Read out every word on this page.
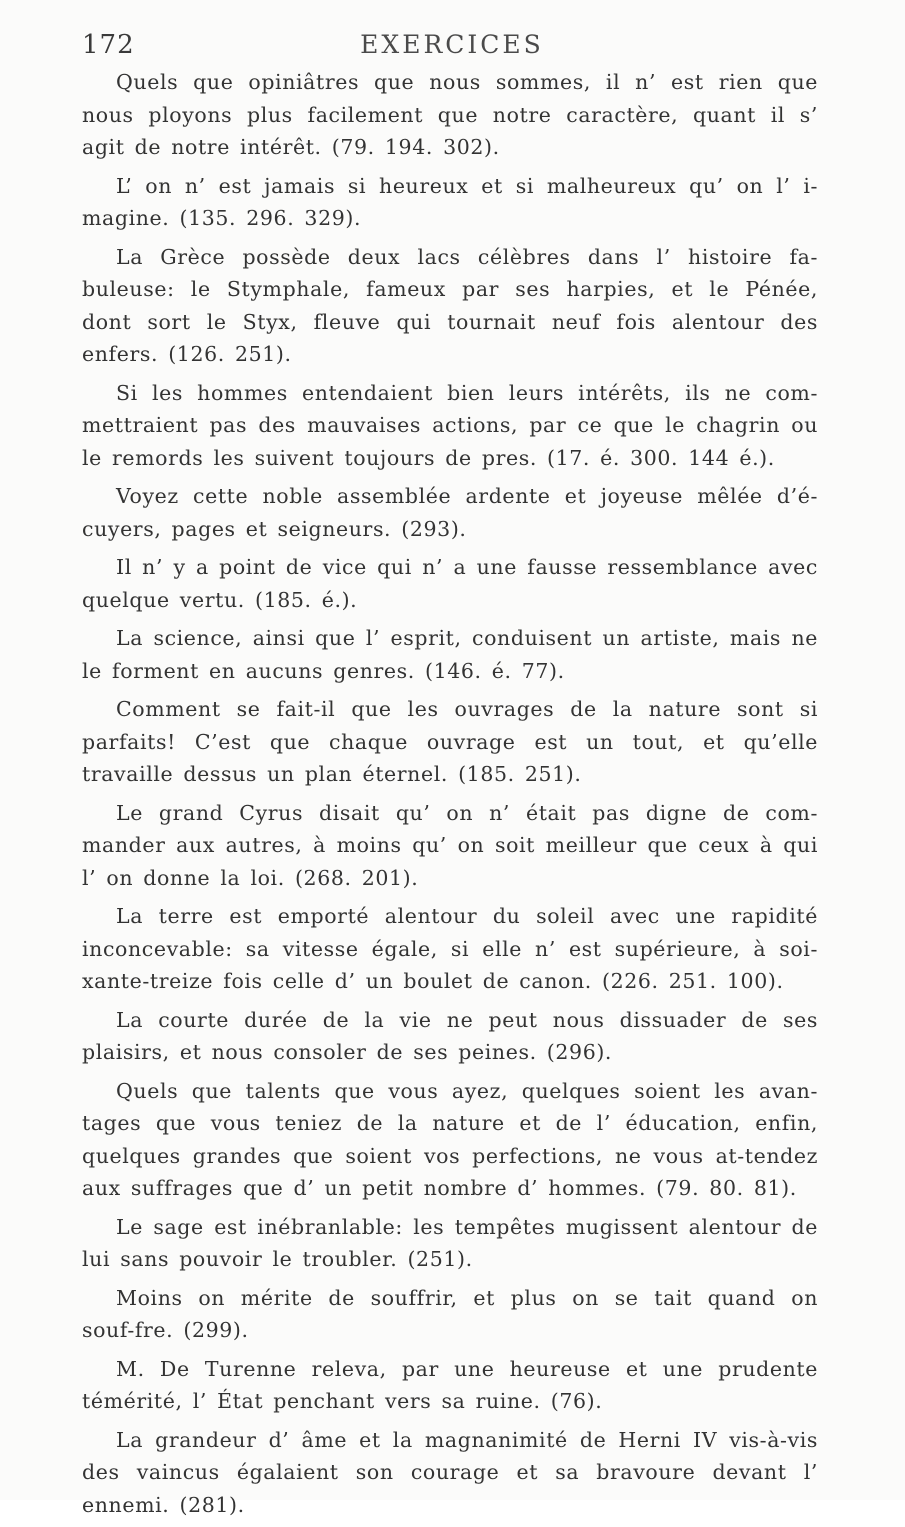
172	EXERCICES

Quels que opiniâtres que nous sommes, il n’ est rien que nous ployons plus facilement que notre caractère, quant il s’ agit de notre intérêt. (79. 194. 302).

L’ on n’ est jamais si heureux et si malheureux qu’ on l’ i-magine. (135. 296. 329).

La Grèce possède deux lacs célèbres dans l’ histoire fa-buleuse: le Stymphale, fameux par ses harpies, et le Pénée, dont sort le Styx, fleuve qui tournait neuf fois alentour des enfers. (126. 251).

Si les hommes entendaient bien leurs intérêts, ils ne com-mettraient pas des mauvaises actions, par ce que le chagrin ou le remords les suivent toujours de pres. (17. é. 300. 144 é.).

Voyez cette noble assemblée ardente et joyeuse mêlée d’é-cuyers, pages et seigneurs. (293).

Il n’ y a point de vice qui n’ a une fausse ressemblance avec quelque vertu. (185. é.).

La science, ainsi que l’ esprit, conduisent un artiste, mais ne le forment en aucuns genres. (146. é. 77).

Comment se fait-il que les ouvrages de la nature sont si parfaits! C’est que chaque ouvrage est un tout, et qu’elle travaille dessus un plan éternel. (185. 251).

Le grand Cyrus disait qu’ on n’ était pas digne de com-mander aux autres, à moins qu’ on soit meilleur que ceux à qui l’ on donne la loi. (268. 201).

La terre est emporté alentour du soleil avec une rapidité inconcevable: sa vitesse égale, si elle n’ est supérieure, à soi-xante-treize fois celle d’ un boulet de canon. (226. 251. 100).

La courte durée de la vie ne peut nous dissuader de ses plaisirs, et nous consoler de ses peines. (296).

Quels que talents que vous ayez, quelques soient les avan-tages que vous teniez de la nature et de l’ éducation, enfin, quelques grandes que soient vos perfections, ne vous at-tendez aux suffrages que d’ un petit nombre d’ hommes. (79. 80. 81).

Le sage est inébranlable: les tempêtes mugissent alentour de lui sans pouvoir le troubler. (251).

Moins on mérite de souffrir, et plus on se tait quand on souf-fre. (299).

M. De Turenne releva, par une heureuse et une prudente témérité, l’ État penchant vers sa ruine. (76).

La grandeur d’ âme et la magnanimité de Herni IV vis-à-vis des vaincus égalaient son courage et sa bravoure devant l’ ennemi. (281).
